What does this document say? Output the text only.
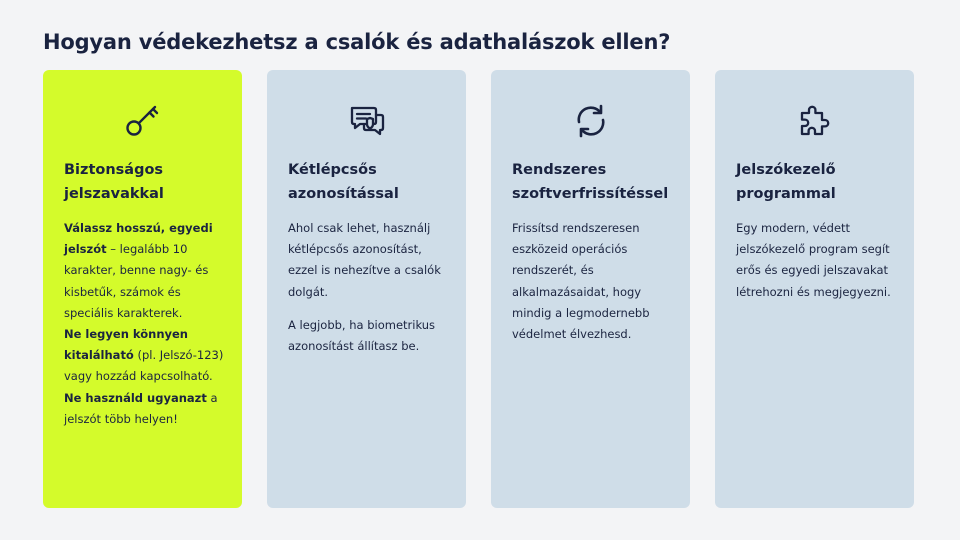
Hogyan védekezhetsz a csalók és adathalászok ellen?
Biztonságos jelszavakkal

Válassz hosszú, egyedi jelszót – legalább 10 karakter, benne nagy- és kisbetűk, számok és speciális karakterek.

Ne legyen könnyen kitalálható (pl. Jelszó-123) vagy hozzád kapcsolható.

Ne használd ugyanazt a jelszót több helyen!

Kétlépcsős azonosítással

Ahol csak lehet, használj kétlépcsős azonosítást, ezzel is nehezítve a csalók dolgát.

A legjobb, ha biometrikus azonosítást állítasz be.

Rendszeres szoftverfrissítéssel

Frissítsd rendszeresen eszközeid operációs rendszerét, és alkalmazásaidat, hogy mindig a legmodernebb védelmet élvezhesd.

Jelszókezelő programmal

Egy modern, védett jelszókezelő program segít erős és egyedi jelszavakat létrehozni és megjegyezni.
